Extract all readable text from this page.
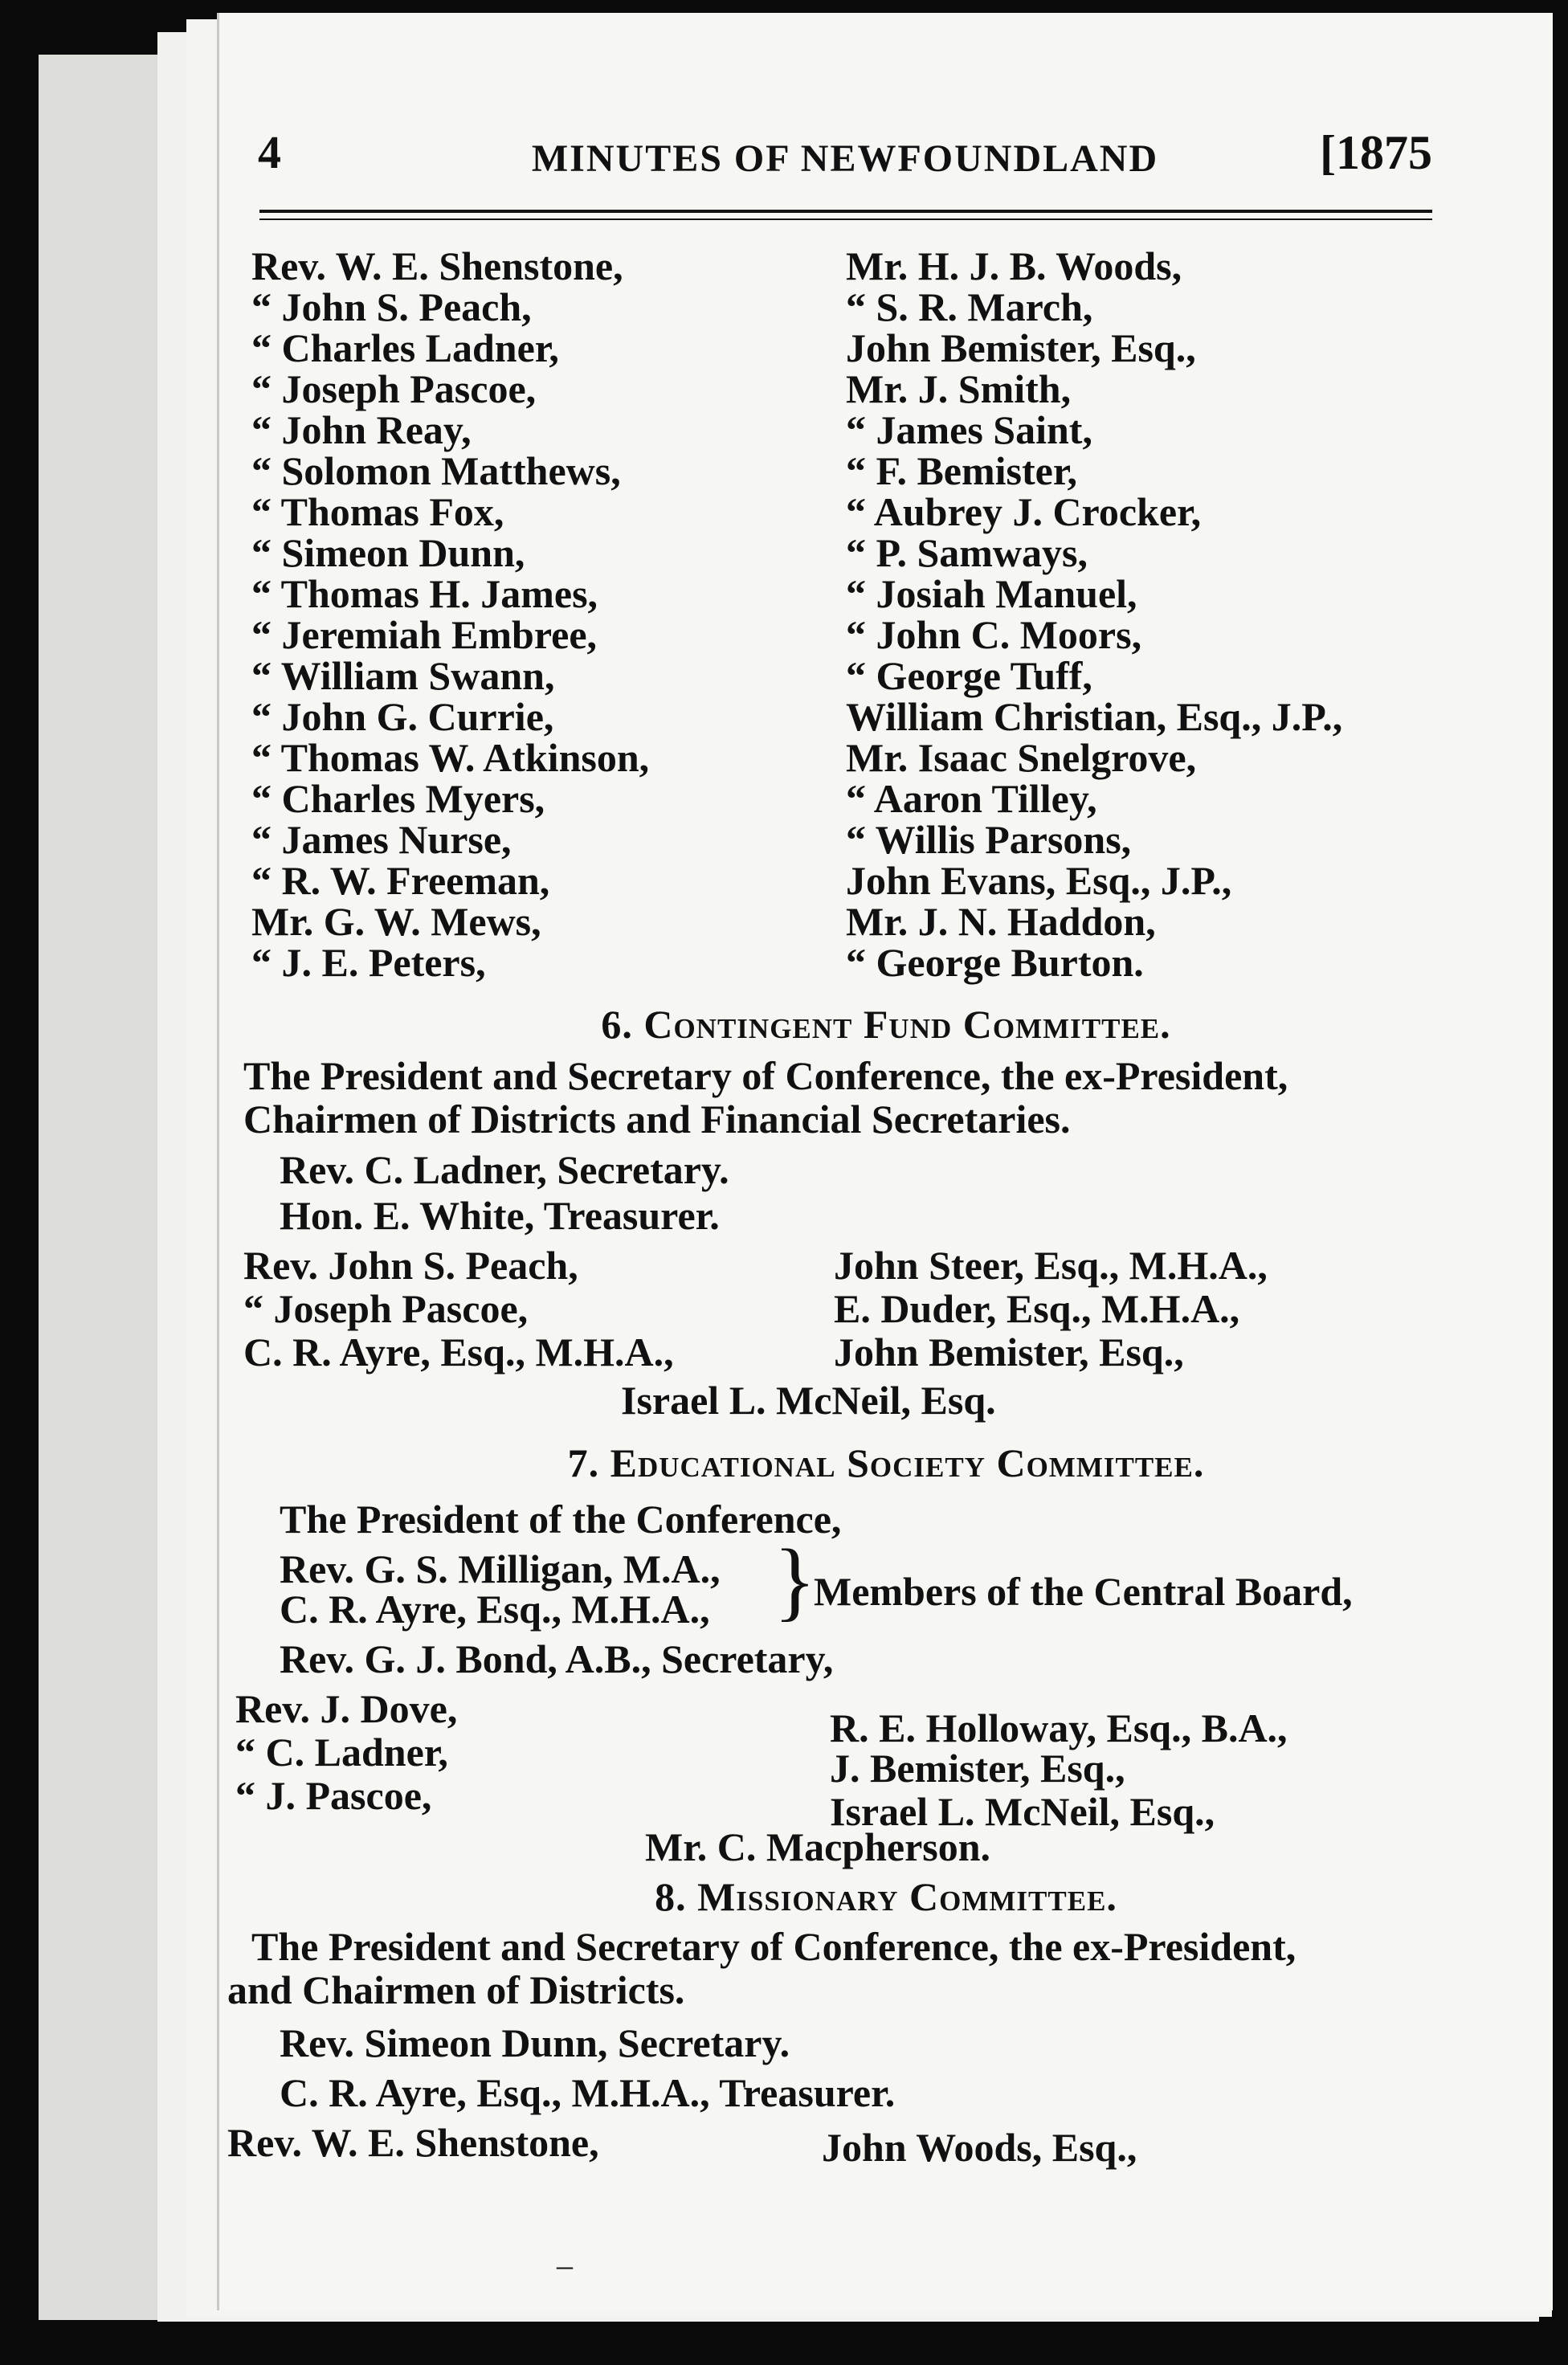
4	MINUTES OF NEWFOUNDLAND	[1875
Rev. W. E. Shenstone,	Mr. H. J. B. Woods,
“ John S. Peach,	“ S. R. March,
“ Charles Ladner,	John Bemister, Esq.,
“ Joseph Pascoe,	Mr. J. Smith,
“ John Reay,	“ James Saint,
“ Solomon Matthews,	“ F. Bemister,
“ Thomas Fox,	“ Aubrey J. Crocker,
“ Simeon Dunn,	“ P. Samways,
“ Thomas H. James,	“ Josiah Manuel,
“ Jeremiah Embree,	“ John C. Moors,
“ William Swann,	“ George Tuff,
“ John G. Currie,	William Christian, Esq., J.P.,
“ Thomas W. Atkinson,	Mr. Isaac Snelgrove,
“ Charles Myers,	“ Aaron Tilley,
“ James Nurse,	“ Willis Parsons,
“ R. W. Freeman,	John Evans, Esq., J.P.,
Mr. G. W. Mews,	Mr. J. N. Haddon,
“ J. E. Peters,	“ George Burton.
6. Contingent Fund Committee.
The President and Secretary of Conference, the ex-President,
Chairmen of Districts and Financial Secretaries.
Rev. C. Ladner, Secretary.
Hon. E. White, Treasurer.
Rev. John S. Peach,	John Steer, Esq., M.H.A.,
“ Joseph Pascoe,	E. Duder, Esq., M.H.A.,
C. R. Ayre, Esq., M.H.A.,	John Bemister, Esq.,
Israel L. McNeil, Esq.
7. Educational Society Committee.
The President of the Conference,
Rev. G. S. Milligan, M.A.,
C. R. Ayre, Esq., M.H.A., }
Members of the Central Board,
Rev. G. J. Bond, A.B., Secretary,
Rev. J. Dove,	R. E. Holloway, Esq., B.A.,
“ C. Ladner,	J. Bemister, Esq.,
“ J. Pascoe,	Israel L. McNeil, Esq.,
Mr. C. Macpherson.
8. Missionary Committee.
The President and Secretary of Conference, the ex-President,
and Chairmen of Districts.
Rev. Simeon Dunn, Secretary.
C. R. Ayre, Esq., M.H.A., Treasurer.
Rev. W. E. Shenstone,	John Woods, Esq.,
–
